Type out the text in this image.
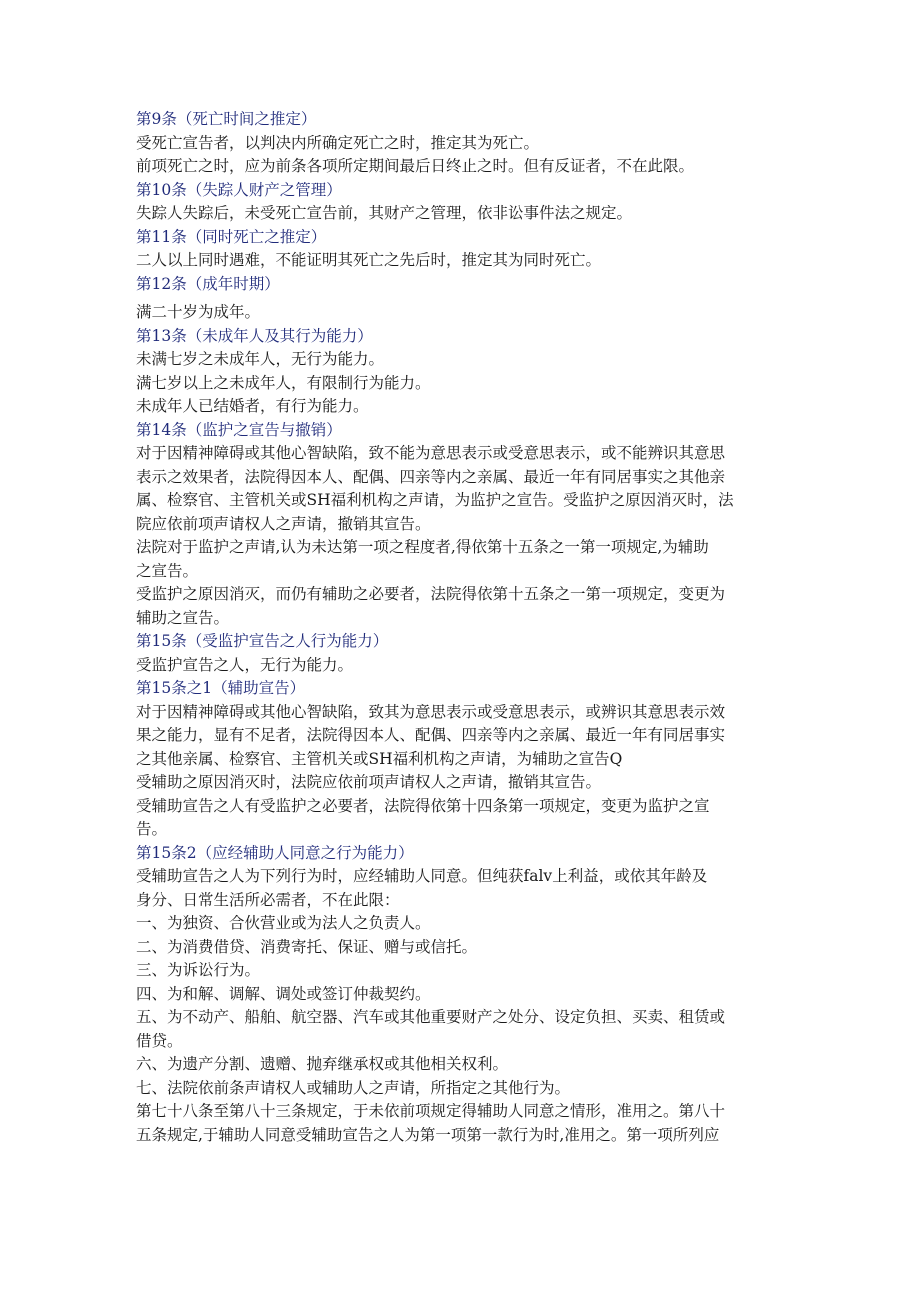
第9条（死亡时间之推定）

受死亡宣告者，以判决内所确定死亡之时，推定其为死亡。

前项死亡之时，应为前条各项所定期间最后日终止之时。但有反证者，不在此限。

第10条（失踪人财产之管理）

失踪人失踪后，未受死亡宣告前，其财产之管理，依非讼事件法之规定。

第11条（同时死亡之推定）

二人以上同时遇难，不能证明其死亡之先后时，推定其为同时死亡。

第12条（成年时期）

满二十岁为成年。

第13条（未成年人及其行为能力）

未满七岁之未成年人，无行为能力。

满七岁以上之未成年人，有限制行为能力。

未成年人已结婚者，有行为能力。

第14条（监护之宣告与撤销）

对于因精神障碍或其他心智缺陷，致不能为意思表示或受意思表示，或不能辨识其意思

表示之效果者，法院得因本人、配偶、四亲等内之亲属、最近一年有同居事实之其他亲

属、检察官、主管机关或SH福利机构之声请，为监护之宣告。受监护之原因消灭时，法

院应依前项声请权人之声请，撤销其宣告。

法院对于监护之声请,认为未达第一项之程度者,得依第十五条之一第一项规定,为辅助

之宣告。

受监护之原因消灭，而仍有辅助之必要者，法院得依第十五条之一第一项规定，变更为

辅助之宣告。

第15条（受监护宣告之人行为能力）

受监护宣告之人，无行为能力。

第15条之1（辅助宣告）

对于因精神障碍或其他心智缺陷，致其为意思表示或受意思表示，或辨识其意思表示效

果之能力，显有不足者，法院得因本人、配偶、四亲等内之亲属、最近一年有同居事实

之其他亲属、检察官、主管机关或SH福利机构之声请，为辅助之宣告Q

受辅助之原因消灭时，法院应依前项声请权人之声请，撤销其宣告。

受辅助宣告之人有受监护之必要者，法院得依第十四条第一项规定，变更为监护之宣

告。

第15条2（应经辅助人同意之行为能力）

受辅助宣告之人为下列行为时，应经辅助人同意。但纯获falv上利益，或依其年龄及

身分、日常生活所必需者，不在此限：

一、为独资、合伙营业或为法人之负责人。

二、为消费借贷、消费寄托、保证、赠与或信托。

三、为诉讼行为。

四、为和解、调解、调处或签订仲裁契约。

五、为不动产、船舶、航空器、汽车或其他重要财产之处分、设定负担、买卖、租赁或

借贷。

六、为遗产分割、遗赠、抛弃继承权或其他相关权利。

七、法院依前条声请权人或辅助人之声请，所指定之其他行为。

第七十八条至第八十三条规定，于未依前项规定得辅助人同意之情形，准用之。第八十

五条规定,于辅助人同意受辅助宣告之人为第一项第一款行为时,准用之。第一项所列应
